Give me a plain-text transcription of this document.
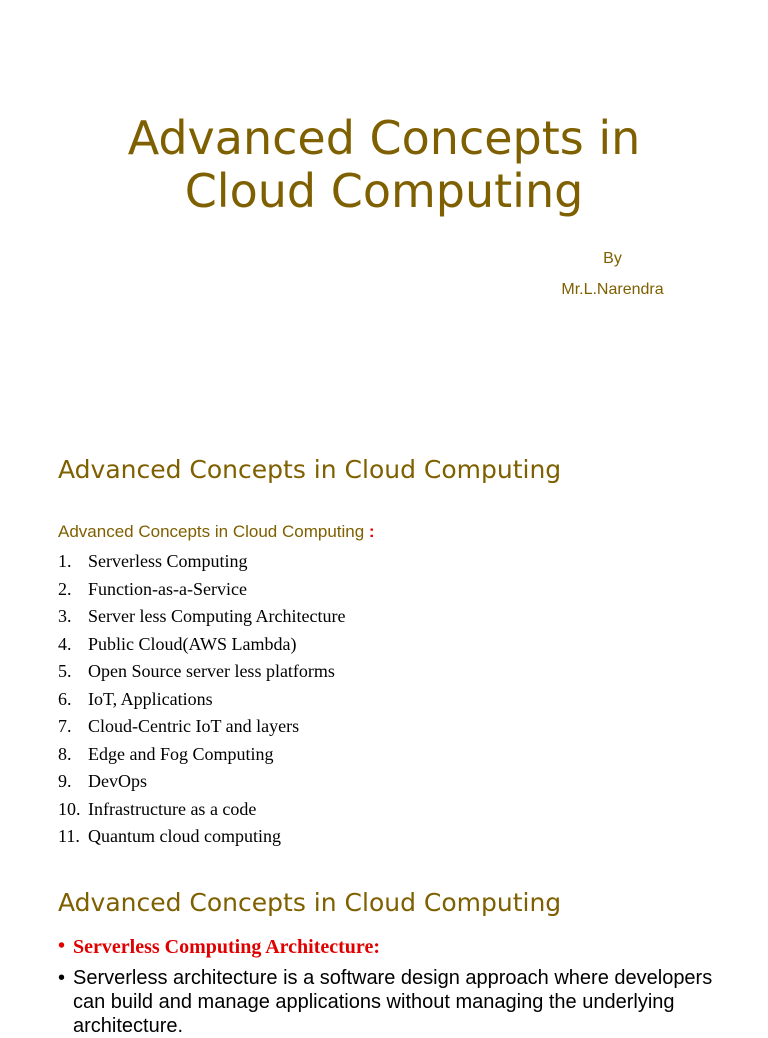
Advanced Concepts in
Cloud Computing
By
Mr.L.Narendra
Advanced Concepts in Cloud Computing
Advanced Concepts in Cloud Computing :
1. Serverless Computing
2. Function-as-a-Service
3. Server less Computing Architecture
4. Public Cloud(AWS Lambda)
5. Open Source server less platforms
6. IoT, Applications
7. Cloud-Centric IoT and layers
8. Edge and Fog Computing
9. DevOps
10. Infrastructure as a code
11. Quantum cloud computing
Advanced Concepts in Cloud Computing
• Serverless Computing Architecture:
• Serverless architecture is a software design approach where developers can build and manage applications without managing the underlying architecture.
